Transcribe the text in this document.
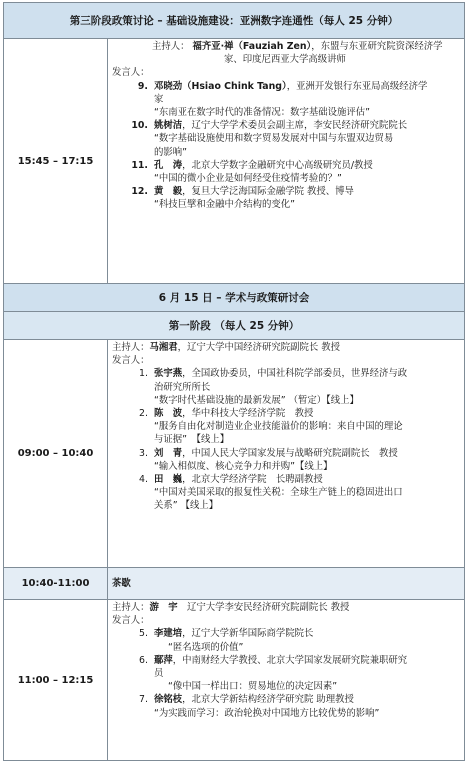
第三阶段政策讨论 – 基础设施建设：亚洲数字连通性（每人 25 分钟）
15:45 – 17:15
主持人： 福齐亚·禅（Fauziah Zen），东盟与东亚研究院资深经济学
家、印度尼西亚大学高级讲师
发言人：
9. 邓晓劲（Hsiao Chink Tang），亚洲开发银行东亚局高级经济学
家
“东南亚在数字时代的准备情况：数字基础设施评估”
10. 姚树洁，辽宁大学学术委员会副主席，李安民经济研究院院长
“数字基础设施使用和数字贸易发展对中国与东盟双边贸易
的影响”
11. 孔　涛，北京大学数字金融研究中心高级研究员/教授
“中国的微小企业是如何经受住疫情考验的？”
12. 黄　毅，复旦大学泛海国际金融学院 教授、博导
“科技巨擘和金融中介结构的变化”
6 月 15 日 – 学术与政策研讨会
第一阶段 （每人 25 分钟）
09:00 – 10:40
主持人：马湘君，辽宁大学中国经济研究院副院长 教授
发言人：
1. 张宇燕，全国政协委员，中国社科院学部委员，世界经济与政
治研究所所长
“数字时代基础设施的最新发展” （暂定）【线上】
2. 陈　波，华中科技大学经济学院　教授
“服务自由化对制造业企业技能溢价的影响：来自中国的理论
与证据”　【线上】
3. 刘　青，中国人民大学国家发展与战略研究院副院长　教授
“输入相似度、核心竞争力和并购”【线上】
4. 田　巍，北京大学经济学院　长聘副教授
“中国对美国采取的报复性关税：全球生产链上的稳固进出口
关系” 【线上】
10:40-11:00	茶歇
11:00 – 12:15
主持人：游　宇　辽宁大学李安民经济研究院副院长 教授
发言人：
5. 李建培，辽宁大学新华国际商学院院长
“匿名选项的价值”
6. 鄢萍，中南财经大学教授、北京大学国家发展研究院兼职研究
员
“像中国一样出口：贸易地位的决定因素”
7. 徐铭枝，北京大学新结构经济学研究院 助理教授
“为实践而学习：政治轮换对中国地方比较优势的影响”
